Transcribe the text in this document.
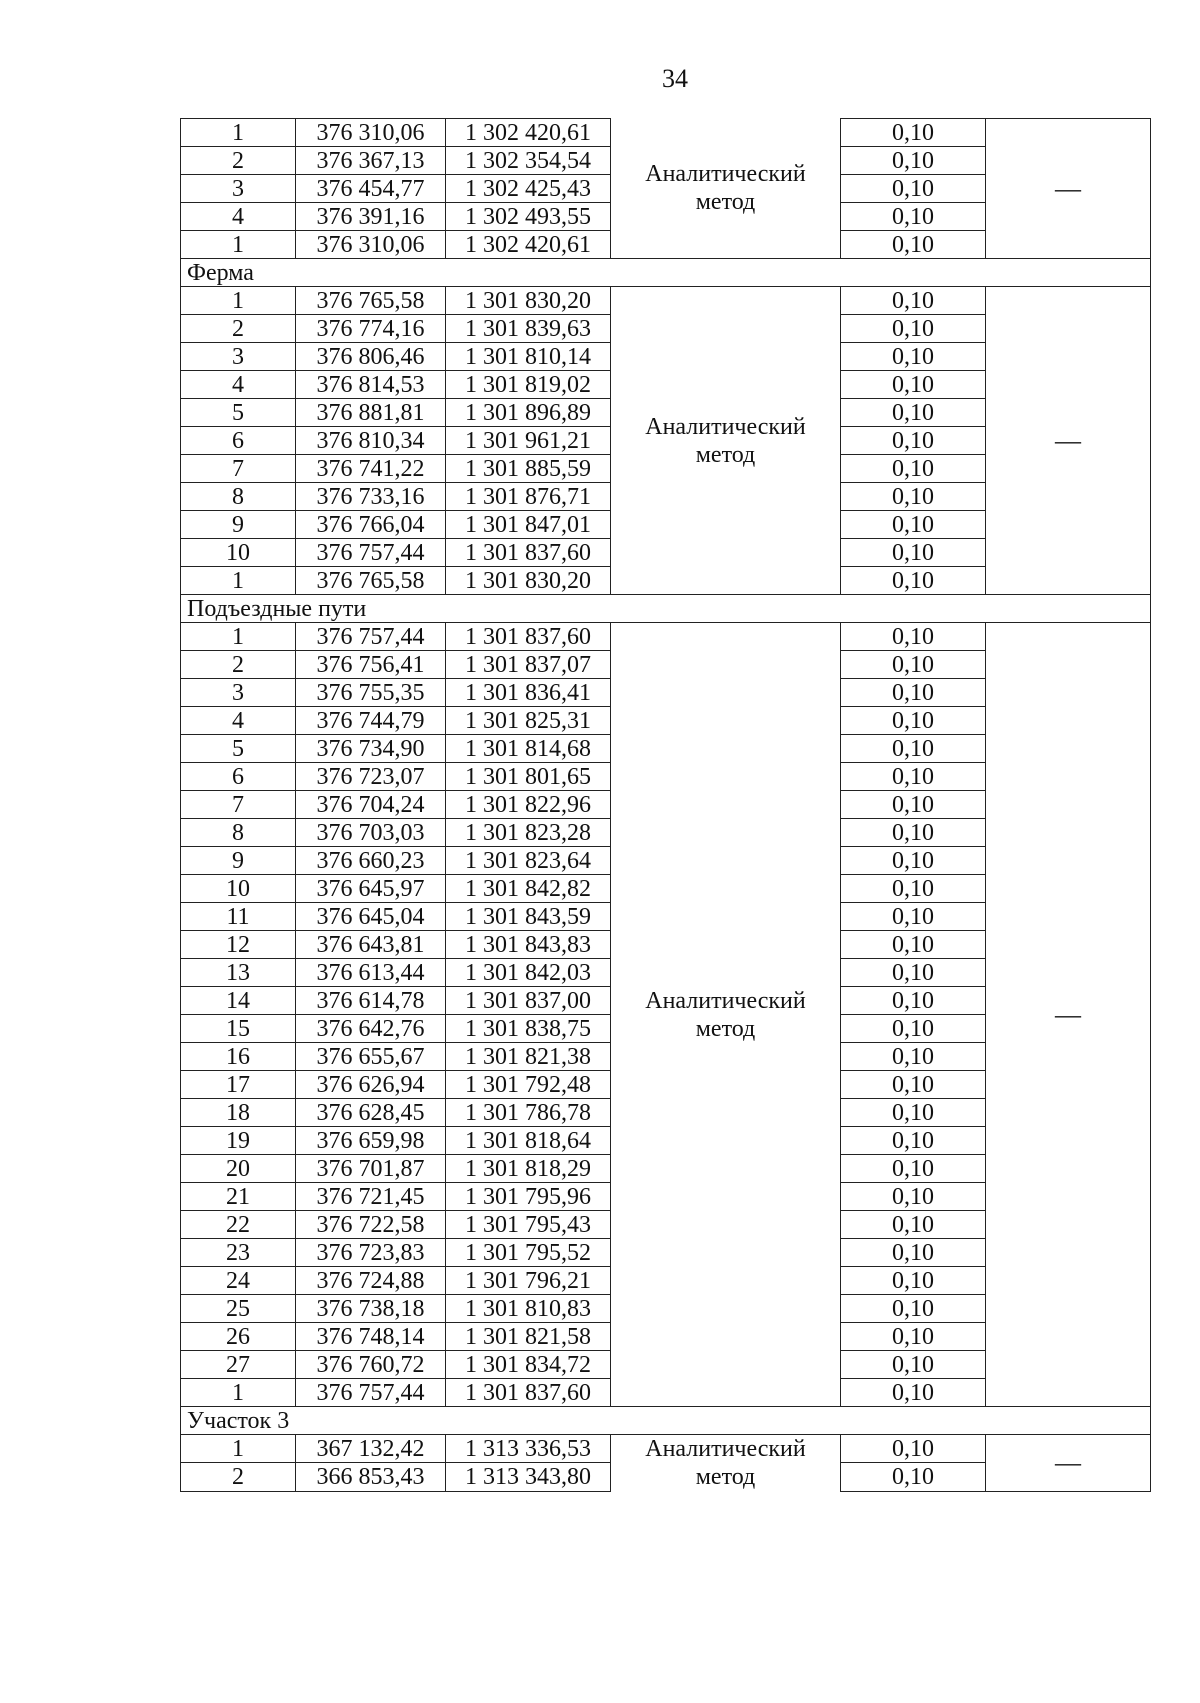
34
1	376 310,06	1 302 420,61	Аналитический метод	0,10	—
2	376 367,13	1 302 354,54		0,10	
3	376 454,77	1 302 425,43		0,10	
4	376 391,16	1 302 493,55		0,10	
1	376 310,06	1 302 420,61		0,10	
Ферма					
1	376 765,58	1 301 830,20	Аналитический метод	0,10	—
2	376 774,16	1 301 839,63		0,10	
3	376 806,46	1 301 810,14		0,10	
4	376 814,53	1 301 819,02		0,10	
5	376 881,81	1 301 896,89		0,10	
6	376 810,34	1 301 961,21		0,10	
7	376 741,22	1 301 885,59		0,10	
8	376 733,16	1 301 876,71		0,10	
9	376 766,04	1 301 847,01		0,10	
10	376 757,44	1 301 837,60		0,10	
1	376 765,58	1 301 830,20		0,10	
Подъездные пути					
1	376 757,44	1 301 837,60	Аналитический метод	0,10	—
2	376 756,41	1 301 837,07		0,10	
3	376 755,35	1 301 836,41		0,10	
4	376 744,79	1 301 825,31		0,10	
5	376 734,90	1 301 814,68		0,10	
6	376 723,07	1 301 801,65		0,10	
7	376 704,24	1 301 822,96		0,10	
8	376 703,03	1 301 823,28		0,10	
9	376 660,23	1 301 823,64		0,10	
10	376 645,97	1 301 842,82		0,10	
11	376 645,04	1 301 843,59		0,10	
12	376 643,81	1 301 843,83		0,10	
13	376 613,44	1 301 842,03		0,10	
14	376 614,78	1 301 837,00		0,10	
15	376 642,76	1 301 838,75		0,10	
16	376 655,67	1 301 821,38		0,10	
17	376 626,94	1 301 792,48		0,10	
18	376 628,45	1 301 786,78		0,10	
19	376 659,98	1 301 818,64		0,10	
20	376 701,87	1 301 818,29		0,10	
21	376 721,45	1 301 795,96		0,10	
22	376 722,58	1 301 795,43		0,10	
23	376 723,83	1 301 795,52		0,10	
24	376 724,88	1 301 796,21		0,10	
25	376 738,18	1 301 810,83		0,10	
26	376 748,14	1 301 821,58		0,10	
27	376 760,72	1 301 834,72		0,10	
1	376 757,44	1 301 837,60		0,10	
Участок 3					
1	367 132,42	1 313 336,53	Аналитический метод	0,10	—
2	366 853,43	1 313 343,80		0,10	
